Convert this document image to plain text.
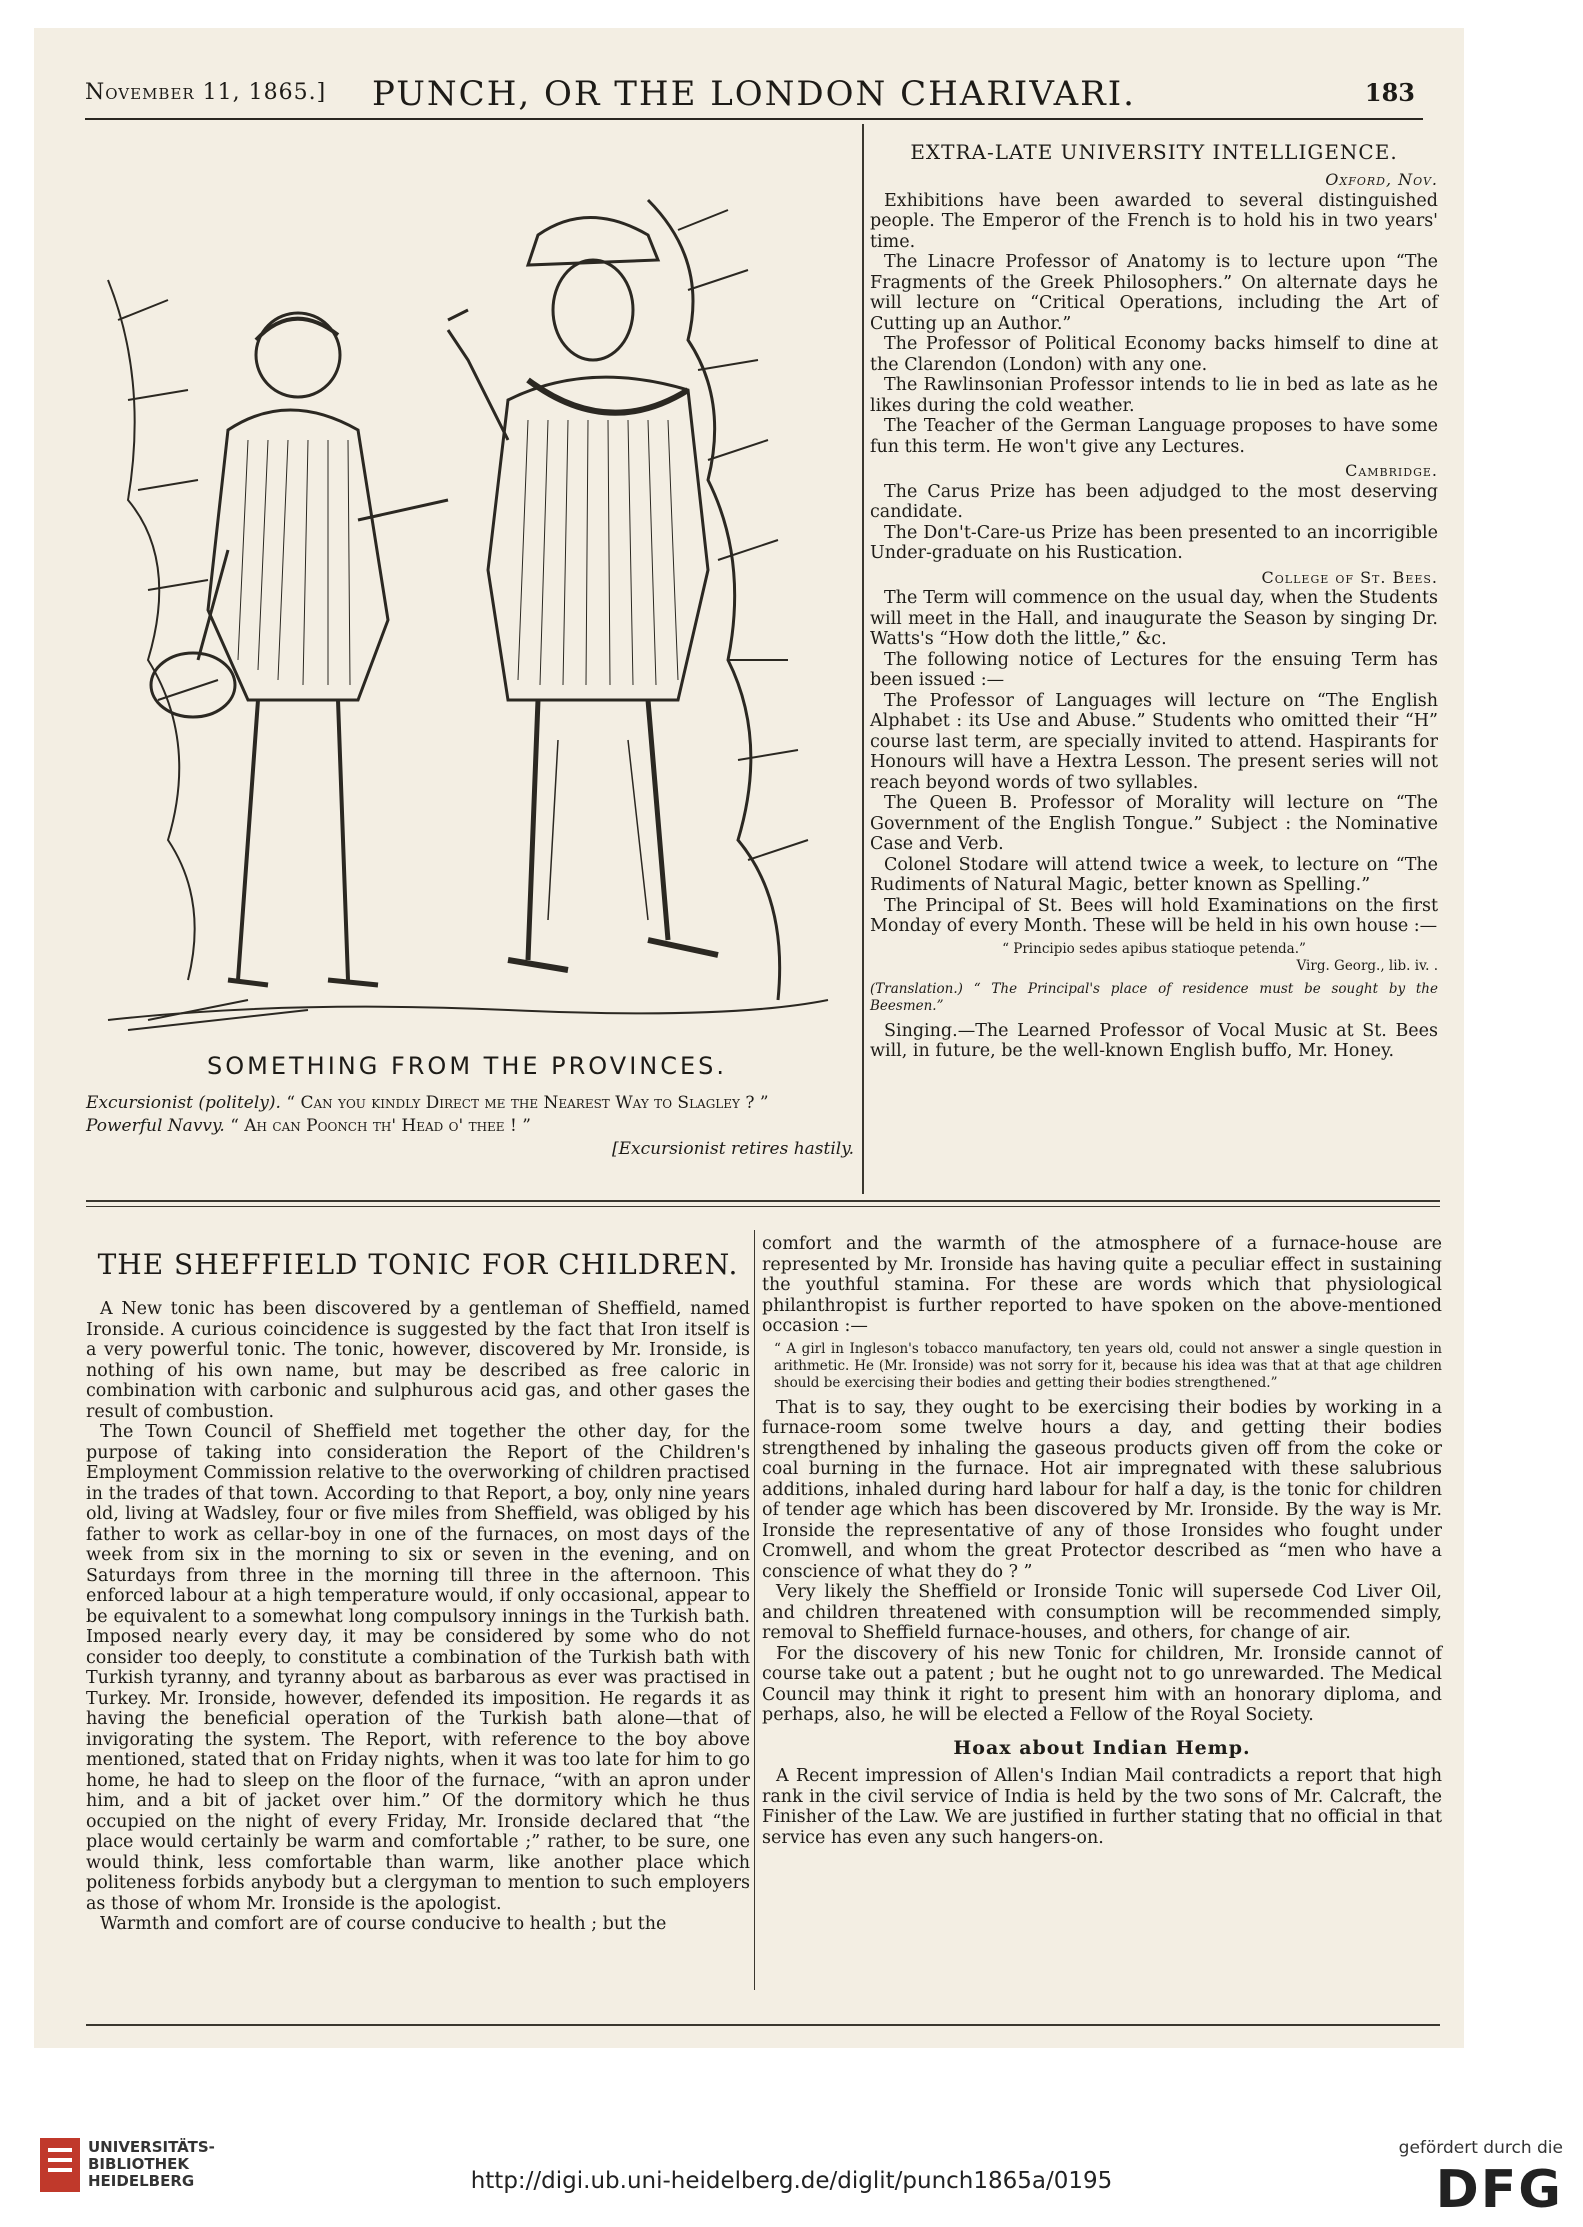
November 11, 1865.]	PUNCH, OR THE LONDON CHARIVARI.	183
SOMETHING FROM THE PROVINCES.

Excursionist (politely). “ Can you kindly Direct me the Nearest Way to Slagley ? ”

Powerful Navvy. “ Ah can Poonch th' Head o' thee ! ”

[Excursionist retires hastily.

EXTRA-LATE UNIVERSITY INTELLIGENCE.
Oxford, Nov.

Exhibitions have been awarded to several distinguished people. The Emperor of the French is to hold his in two years' time.

The Linacre Professor of Anatomy is to lecture upon “The Fragments of the Greek Philosophers.” On alternate days he will lecture on “Critical Operations, including the Art of Cutting up an Author.”

The Professor of Political Economy backs himself to dine at the Clarendon (London) with any one.

The Rawlinsonian Professor intends to lie in bed as late as he likes during the cold weather.

The Teacher of the German Language proposes to have some fun this term. He won't give any Lectures.

Cambridge.

The Carus Prize has been adjudged to the most deserving candidate.

The Don't-Care-us Prize has been presented to an incorrigible Under-graduate on his Rustication.

College of St. Bees.

The Term will commence on the usual day, when the Students will meet in the Hall, and inaugurate the Season by singing Dr. Watts's “How doth the little,” &c.

The following notice of Lectures for the ensuing Term has been issued :—

The Professor of Languages will lecture on “The English Alphabet : its Use and Abuse.” Students who omitted their “H” course last term, are specially invited to attend. Haspirants for Honours will have a Hextra Lesson. The present series will not reach beyond words of two syllables.

The Queen B. Professor of Morality will lecture on “The Government of the English Tongue.” Subject : the Nominative Case and Verb.

Colonel Stodare will attend twice a week, to lecture on “The Rudiments of Natural Magic, better known as Spelling.”

The Principal of St. Bees will hold Examinations on the first Monday of every Month. These will be held in his own house :—

“ Principio sedes apibus statioque petenda.”
Virg. Georg., lib. iv. .
(Translation.) “ The Principal's place of residence must be sought by the Beesmen.”

Singing.—The Learned Professor of Vocal Music at St. Bees will, in future, be the well-known English buffo, Mr. Honey.

THE SHEFFIELD TONIC FOR CHILDREN.

A New tonic has been discovered by a gentleman of Sheffield, named Ironside. A curious coincidence is suggested by the fact that Iron itself is a very powerful tonic. The tonic, however, discovered by Mr. Ironside, is nothing of his own name, but may be described as free caloric in combination with carbonic and sulphurous acid gas, and other gases the result of combustion.

The Town Council of Sheffield met together the other day, for the purpose of taking into consideration the Report of the Children's Employment Commission relative to the overworking of children practised in the trades of that town. According to that Report, a boy, only nine years old, living at Wadsley, four or five miles from Sheffield, was obliged by his father to work as cellar-boy in one of the furnaces, on most days of the week from six in the morning to six or seven in the evening, and on Saturdays from three in the morning till three in the afternoon. This enforced labour at a high temperature would, if only occasional, appear to be equivalent to a somewhat long compulsory innings in the Turkish bath. Imposed nearly every day, it may be considered by some who do not consider too deeply, to constitute a combination of the Turkish bath with Turkish tyranny, and tyranny about as barbarous as ever was practised in Turkey. Mr. Ironside, however, defended its imposition. He regards it as having the beneficial operation of the Turkish bath alone—that of invigorating the system. The Report, with reference to the boy above mentioned, stated that on Friday nights, when it was too late for him to go home, he had to sleep on the floor of the furnace, “with an apron under him, and a bit of jacket over him.” Of the dormitory which he thus occupied on the night of every Friday, Mr. Ironside declared that “the place would certainly be warm and comfortable ;” rather, to be sure, one would think, less comfortable than warm, like another place which politeness forbids anybody but a clergyman to mention to such employers as those of whom Mr. Ironside is the apologist.

Warmth and comfort are of course conducive to health ; but the

comfort and the warmth of the atmosphere of a furnace-house are represented by Mr. Ironside has having quite a peculiar effect in sustaining the youthful stamina. For these are words which that physiological philanthropist is further reported to have spoken on the above-mentioned occasion :—

“ A girl in Ingleson's tobacco manufactory, ten years old, could not answer a single question in arithmetic. He (Mr. Ironside) was not sorry for it, because his idea was that at that age children should be exercising their bodies and getting their bodies strengthened.”

That is to say, they ought to be exercising their bodies by working in a furnace-room some twelve hours a day, and getting their bodies strengthened by inhaling the gaseous products given off from the coke or coal burning in the furnace. Hot air impregnated with these salubrious additions, inhaled during hard labour for half a day, is the tonic for children of tender age which has been discovered by Mr. Ironside. By the way is Mr. Ironside the representative of any of those Ironsides who fought under Cromwell, and whom the great Protector described as “men who have a conscience of what they do ? ”

Very likely the Sheffield or Ironside Tonic will supersede Cod Liver Oil, and children threatened with consumption will be recommended simply, removal to Sheffield furnace-houses, and others, for change of air.

For the discovery of his new Tonic for children, Mr. Ironside cannot of course take out a patent ; but he ought not to go unrewarded. The Medical Council may think it right to present him with an honorary diploma, and perhaps, also, he will be elected a Fellow of the Royal Society.

Hoax about Indian Hemp.

A Recent impression of Allen's Indian Mail contradicts a report that high rank in the civil service of India is held by the two sons of Mr. Calcraft, the Finisher of the Law. We are justified in further stating that no official in that service has even any such hangers-on.

UNIVERSITÄTS-
BIBLIOTHEK
HEIDELBERG	http://digi.ub.uni-heidelberg.de/diglit/punch1865a/0195
gefördert durch die
DFG
